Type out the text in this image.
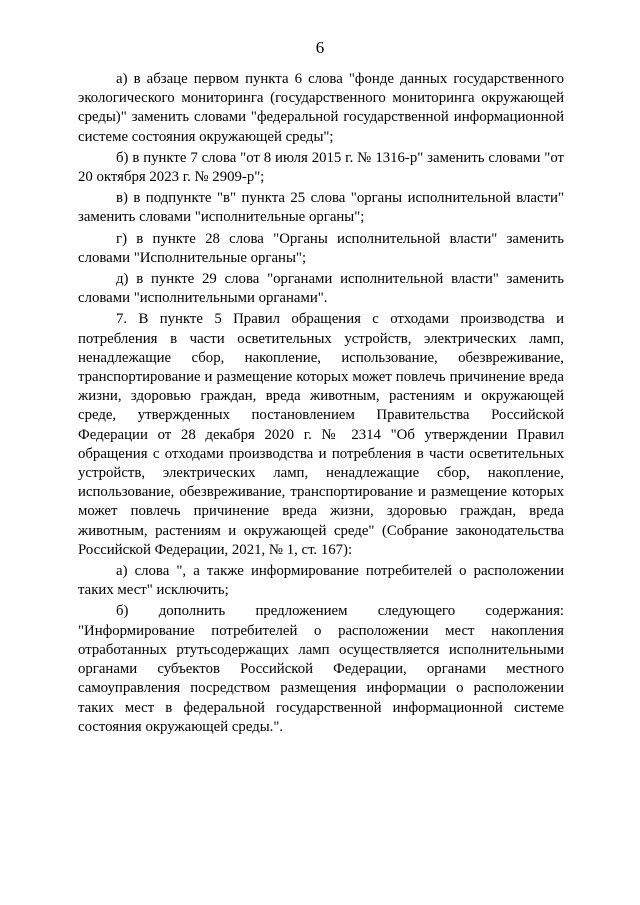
6

а) в абзаце первом пункта 6 слова "фонде данных государственного экологического мониторинга (государственного мониторинга окружающей среды)" заменить словами "федеральной государственной информационной системе состояния окружающей среды";

б) в пункте 7 слова "от 8 июля 2015 г. № 1316-р" заменить словами "от 20 октября 2023 г. № 2909-р";

в) в подпункте "в" пункта 25 слова "органы исполнительной власти" заменить словами "исполнительные органы";

г) в пункте 28 слова "Органы исполнительной власти" заменить словами "Исполнительные органы";

д) в пункте 29 слова "органами исполнительной власти" заменить словами "исполнительными органами".

7. В пункте 5 Правил обращения с отходами производства и потребления в части осветительных устройств, электрических ламп, ненадлежащие сбор, накопление, использование, обезвреживание, транспортирование и размещение которых может повлечь причинение вреда жизни, здоровью граждан, вреда животным, растениям и окружающей среде, утвержденных постановлением Правительства Российской Федерации от 28 декабря 2020 г. № 2314 "Об утверждении Правил обращения с отходами производства и потребления в части осветительных устройств, электрических ламп, ненадлежащие сбор, накопление, использование, обезвреживание, транспортирование и размещение которых может повлечь причинение вреда жизни, здоровью граждан, вреда животным, растениям и окружающей среде" (Собрание законодательства Российской Федерации, 2021, № 1, ст. 167):

а) слова ", а также информирование потребителей о расположении таких мест" исключить;

б) дополнить предложением следующего содержания: "Информирование потребителей о расположении мест накопления отработанных ртутьсодержащих ламп осуществляется исполнительными органами субъектов Российской Федерации, органами местного самоуправления посредством размещения информации о расположении таких мест в федеральной государственной информационной системе состояния окружающей среды.".
